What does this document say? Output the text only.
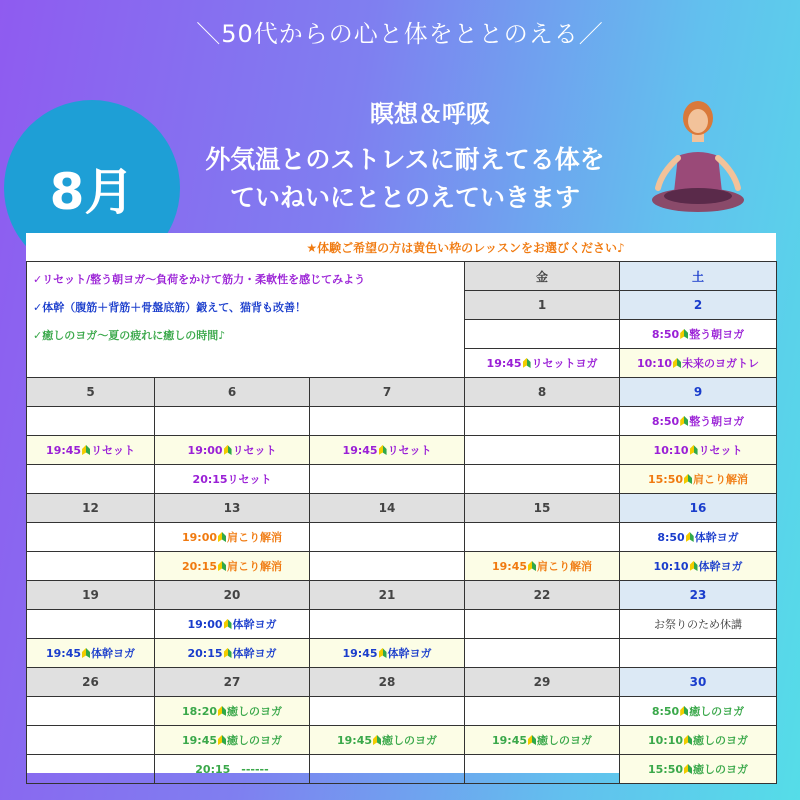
＼50代からの心と体をととのえる／
瞑想＆呼吸
外気温とのストレスに耐えてる体を
ていねいにととのえていきます
8月
	★体験ご希望の方は黄色い枠のレッスンをお選びください♪			

✓リセット/整う朝ヨガ～負荷をかけて筋力・柔軟性を感じてみよう
✓体幹（腹筋＋背筋＋骨盤底筋）鍛えて、猫背も改善！
✓癒しのヨガ～夏の疲れに癒しの時間♪			金	土
			1	2
				8:50 整う朝ヨガ
			19:45 リセットヨガ	10:10 未来のヨガトレ
5	6	7	8	9
				8:50 整う朝ヨガ
19:45 リセット	19:00 リセット	19:45 リセット		10:10 リセット
	20:15リセット			15:50 肩こり解消
12	13	14	15	16
	19:00 肩こり解消			8:50 体幹ヨガ
	20:15 肩こり解消		19:45 肩こり解消	10:10 体幹ヨガ
19	20	21	22	23
	19:00 体幹ヨガ			お祭りのため休講
19:45 体幹ヨガ	20:15 体幹ヨガ	19:45 体幹ヨガ		
26	27	28	29	30
	18:20 癒しのヨガ			8:50 癒しのヨガ
	19:45 癒しのヨガ	19:45 癒しのヨガ	19:45 癒しのヨガ	10:10 癒しのヨガ
	20:15　------			15:50 癒しのヨガ
